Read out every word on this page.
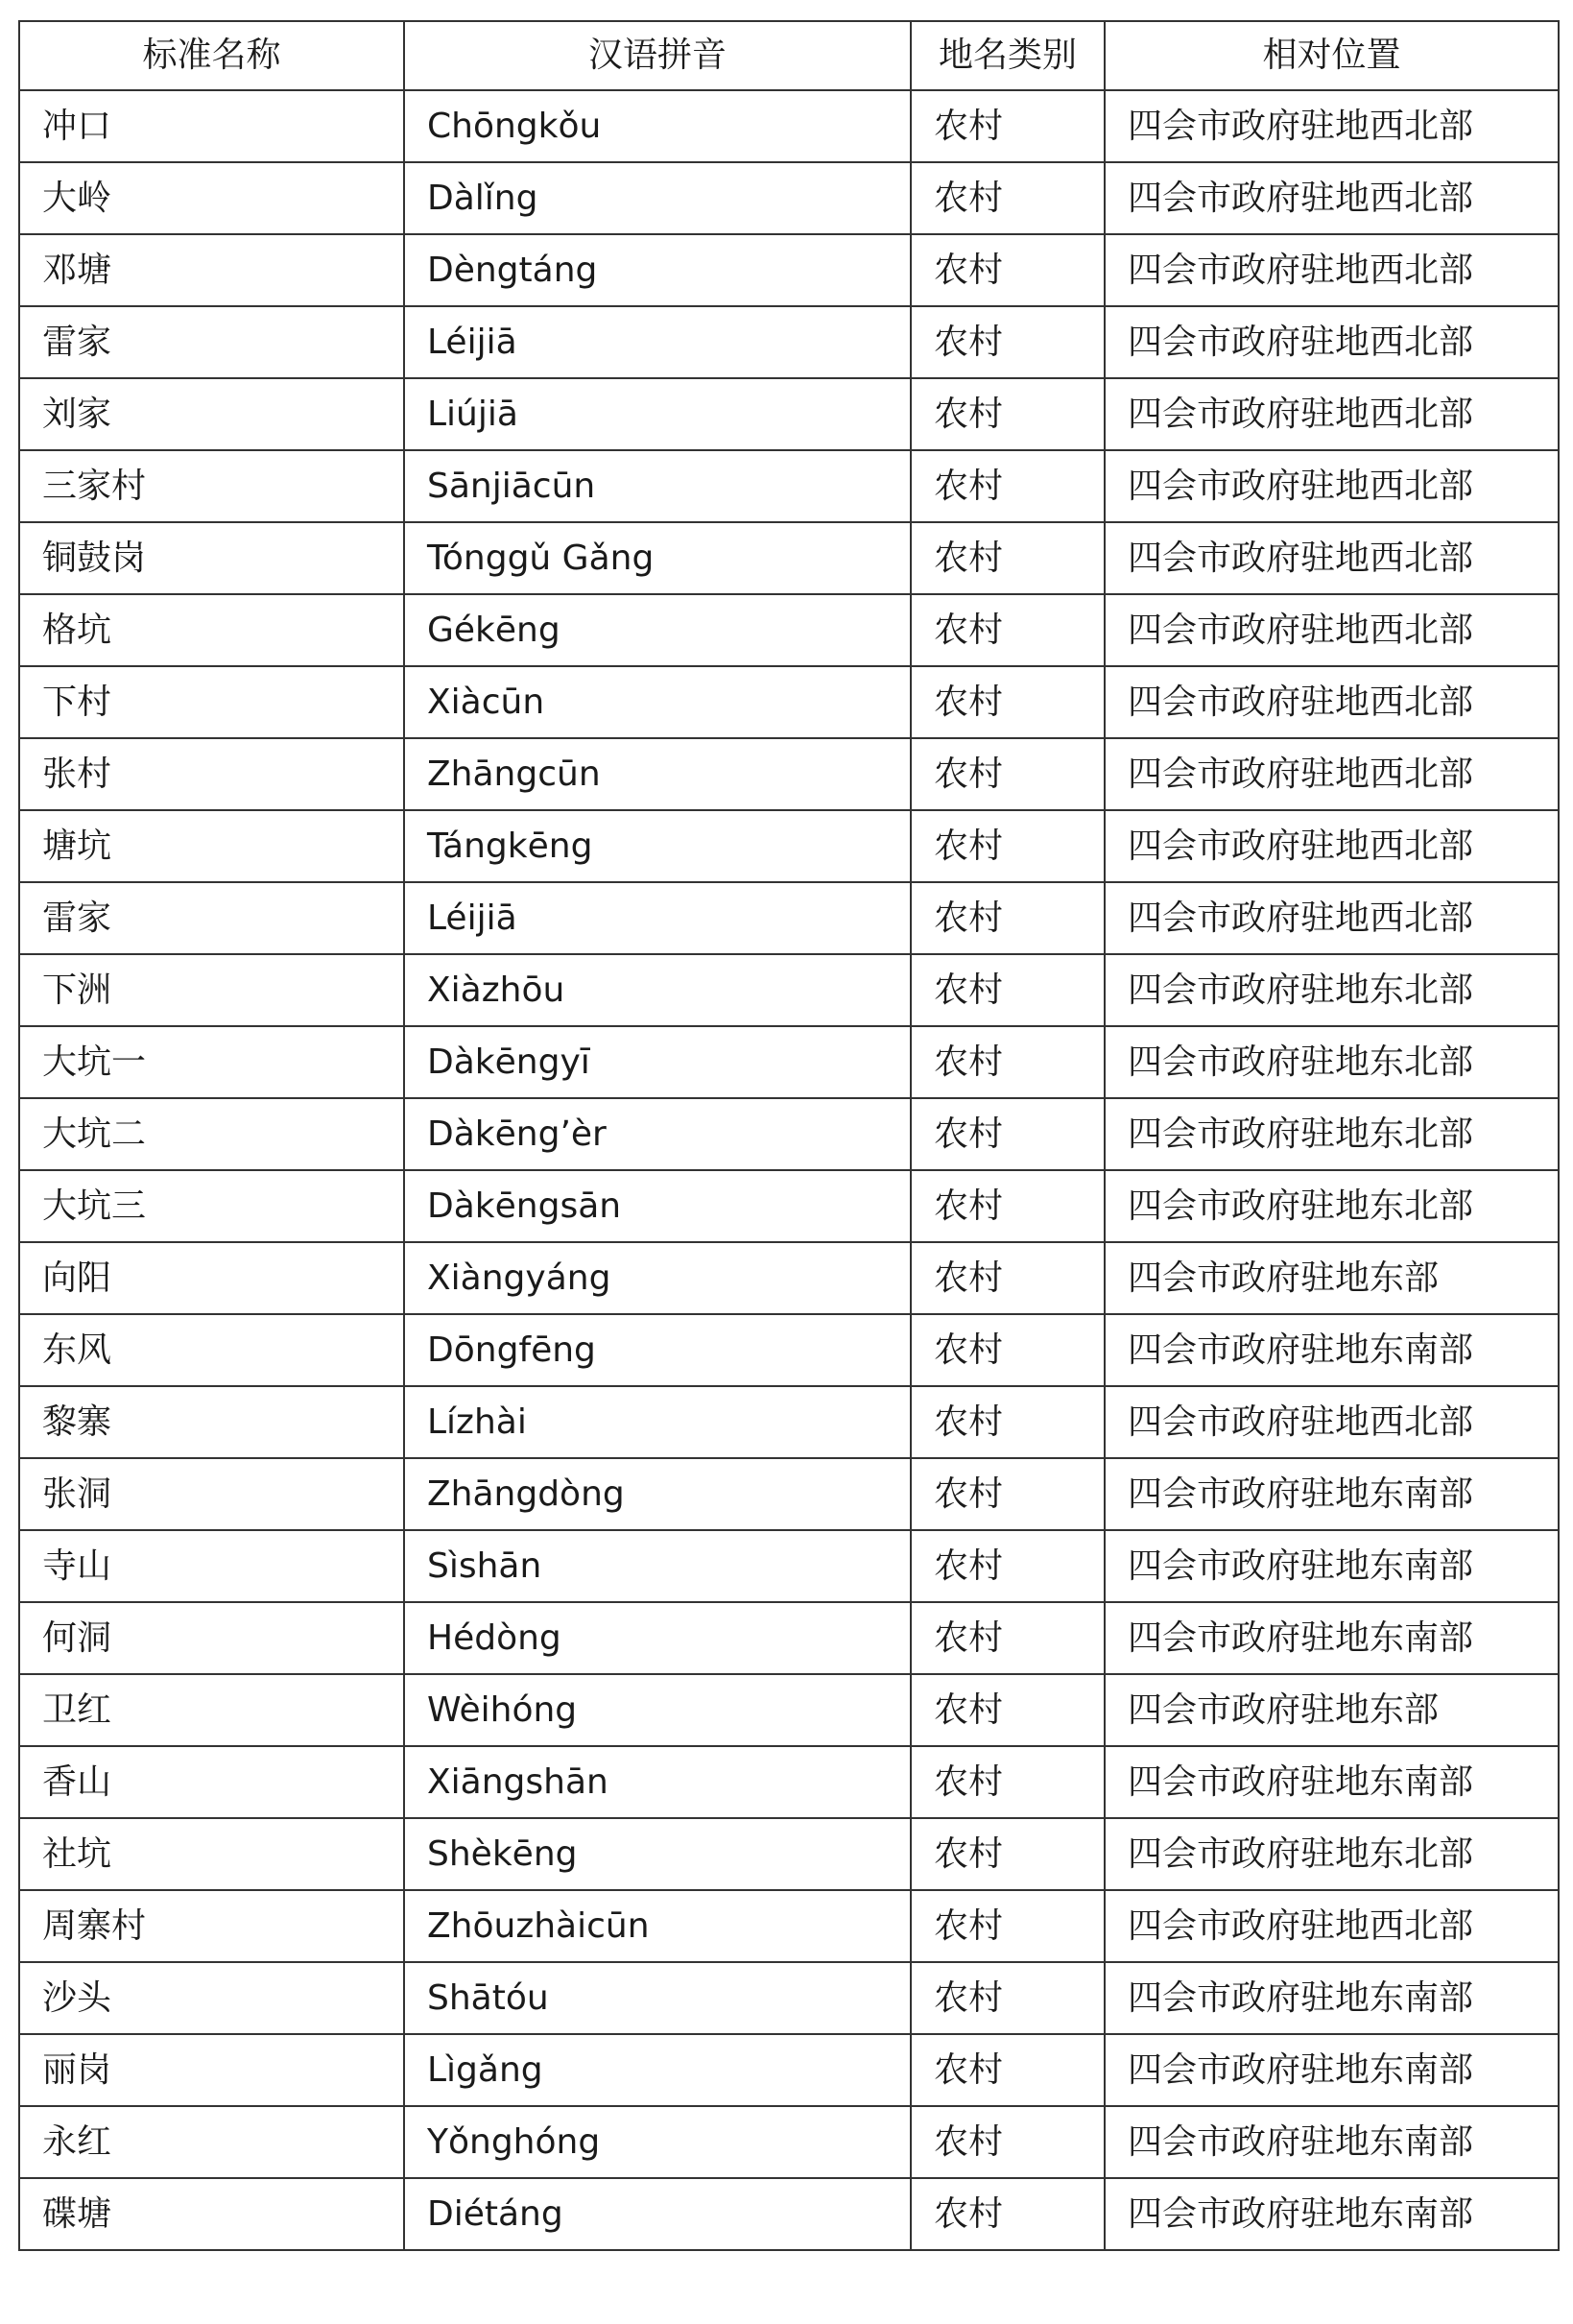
标准名称	汉语拼音	地名类别	相对位置
冲口	Chōngkǒu	农村	四会市政府驻地西北部
大岭	Dàlǐng	农村	四会市政府驻地西北部
邓塘	Dèngtáng	农村	四会市政府驻地西北部
雷家	Léijiā	农村	四会市政府驻地西北部
刘家	Liújiā	农村	四会市政府驻地西北部
三家村	Sānjiācūn	农村	四会市政府驻地西北部
铜鼓岗	Tónggǔ Gǎng	农村	四会市政府驻地西北部
格坑	Gékēng	农村	四会市政府驻地西北部
下村	Xiàcūn	农村	四会市政府驻地西北部
张村	Zhāngcūn	农村	四会市政府驻地西北部
塘坑	Tángkēng	农村	四会市政府驻地西北部
雷家	Léijiā	农村	四会市政府驻地西北部
下洲	Xiàzhōu	农村	四会市政府驻地东北部
大坑一	Dàkēngyī	农村	四会市政府驻地东北部
大坑二	Dàkēng’èr	农村	四会市政府驻地东北部
大坑三	Dàkēngsān	农村	四会市政府驻地东北部
向阳	Xiàngyáng	农村	四会市政府驻地东部
东风	Dōngfēng	农村	四会市政府驻地东南部
黎寨	Lízhài	农村	四会市政府驻地西北部
张洞	Zhāngdòng	农村	四会市政府驻地东南部
寺山	Sìshān	农村	四会市政府驻地东南部
何洞	Hédòng	农村	四会市政府驻地东南部
卫红	Wèihóng	农村	四会市政府驻地东部
香山	Xiāngshān	农村	四会市政府驻地东南部
社坑	Shèkēng	农村	四会市政府驻地东北部
周寨村	Zhōuzhàicūn	农村	四会市政府驻地西北部
沙头	Shātóu	农村	四会市政府驻地东南部
丽岗	Lìgǎng	农村	四会市政府驻地东南部
永红	Yǒnghóng	农村	四会市政府驻地东南部
碟塘	Diétáng	农村	四会市政府驻地东南部
